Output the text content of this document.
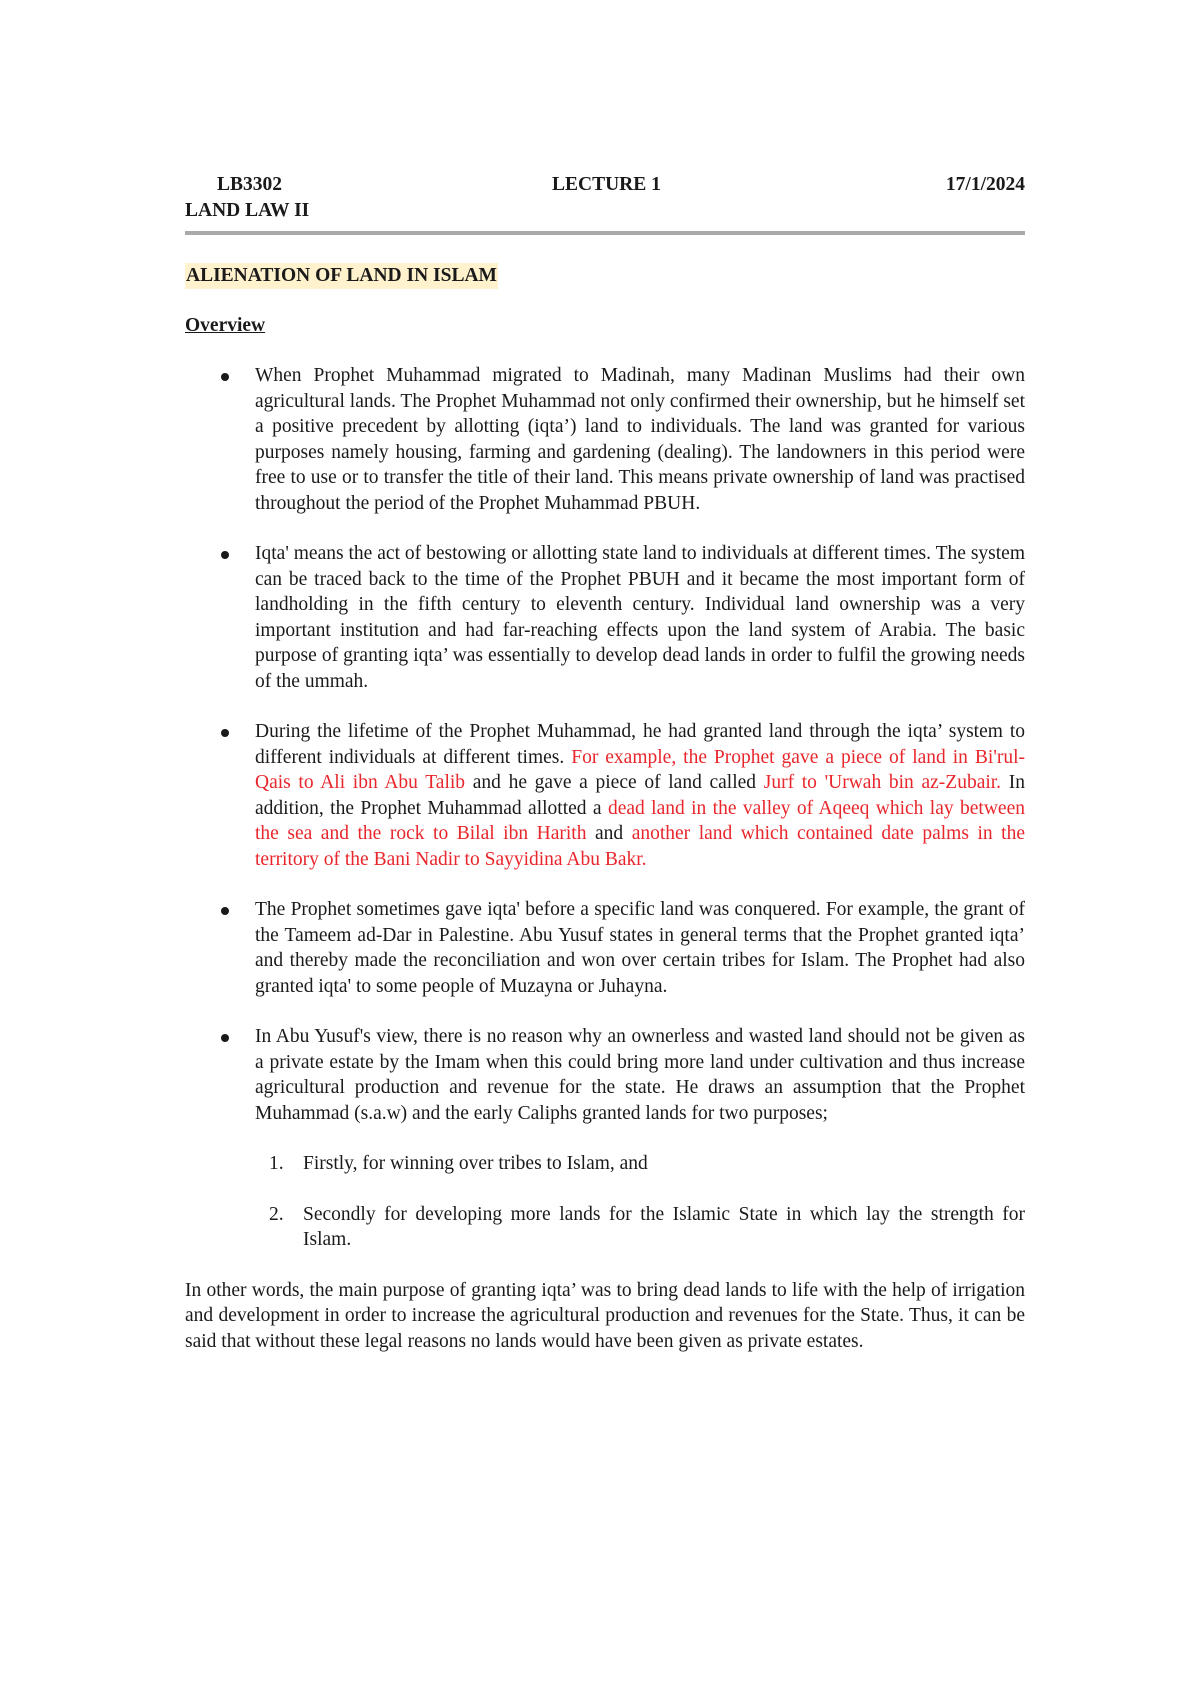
LB3302	LECTURE 1	17/1/2024
LAND LAW II
ALIENATION OF LAND IN ISLAM
Overview
When Prophet Muhammad migrated to Madinah, many Madinan Muslims had their own agricultural lands. The Prophet Muhammad not only confirmed their ownership, but he himself set a positive precedent by allotting (iqta’) land to individuals. The land was granted for various purposes namely housing, farming and gardening (dealing). The landowners in this period were free to use or to transfer the title of their land. This means private ownership of land was practised throughout the period of the Prophet Muhammad PBUH.
Iqta' means the act of bestowing or allotting state land to individuals at different times. The system can be traced back to the time of the Prophet PBUH and it became the most important form of landholding in the fifth century to eleventh century. Individual land ownership was a very important institution and had far-reaching effects upon the land system of Arabia. The basic purpose of granting iqta’ was essentially to develop dead lands in order to fulfil the growing needs of the ummah.
During the lifetime of the Prophet Muhammad, he had granted land through the iqta’ system to different individuals at different times. For example, the Prophet gave a piece of land in Bi'rul-Qais to Ali ibn Abu Talib and he gave a piece of land called Jurf to 'Urwah bin az-Zubair. In addition, the Prophet Muhammad allotted a dead land in the valley of Aqeeq which lay between the sea and the rock to Bilal ibn Harith and another land which contained date palms in the territory of the Bani Nadir to Sayyidina Abu Bakr.
The Prophet sometimes gave iqta' before a specific land was conquered. For example, the grant of the Tameem ad-Dar in Palestine. Abu Yusuf states in general terms that the Prophet granted iqta’ and thereby made the reconciliation and won over certain tribes for Islam. The Prophet had also granted iqta' to some people of Muzayna or Juhayna.
In Abu Yusuf's view, there is no reason why an ownerless and wasted land should not be given as a private estate by the Imam when this could bring more land under cultivation and thus increase agricultural production and revenue for the state. He draws an assumption that the Prophet Muhammad (s.a.w) and the early Caliphs granted lands for two purposes;
1. Firstly, for winning over tribes to Islam, and
2. Secondly for developing more lands for the Islamic State in which lay the strength for Islam.

In other words, the main purpose of granting iqta’ was to bring dead lands to life with the help of irrigation and development in order to increase the agricultural production and revenues for the State. Thus, it can be said that without these legal reasons no lands would have been given as private estates.
